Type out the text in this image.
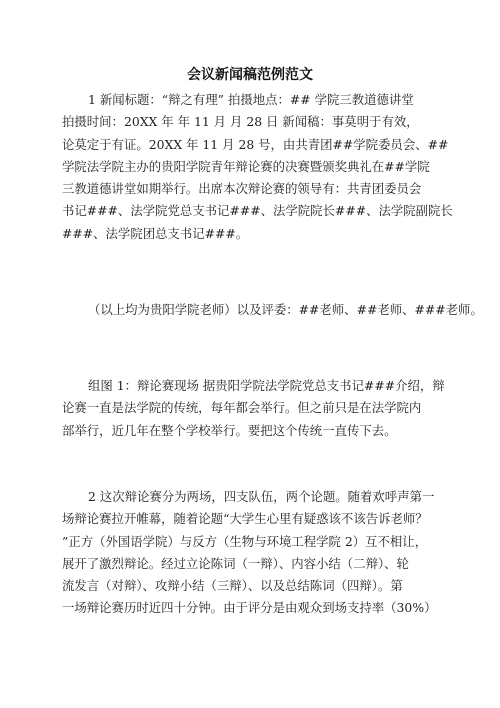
会议新闻稿范例范文
1 新闻标题：“辩之有理” 拍摄地点：## 学院三教道德讲堂
拍摄时间：20XX 年 年 11 月 月 28 日 新闻稿：事莫明于有效，
论莫定于有证。20XX 年 11 月 28 号，由共青团##学院委员会、##
学院法学院主办的贵阳学院青年辩论赛的决赛暨颁奖典礼在##学院
三教道德讲堂如期举行。出席本次辩论赛的领导有：共青团委员会
书记###、法学院党总支书记###、法学院院长###、法学院副院长
###、法学院团总支书记###。
（以上均为贵阳学院老师）以及评委：##老师、##老师、###老师。
组图 1：辩论赛现场 据贵阳学院法学院党总支书记###介绍，辩
论赛一直是法学院的传统，每年都会举行。但之前只是在法学院内
部举行，近几年在整个学校举行。要把这个传统一直传下去。
2 这次辩论赛分为两场，四支队伍，两个论题。随着欢呼声第一
场辩论赛拉开帷幕，随着论题“大学生心里有疑惑该不该告诉老师？
”正方（外国语学院）与反方（生物与环境工程学院 2）互不相让，
展开了激烈辩论。经过立论陈词（一辩）、内容小结（二辩）、轮
流发言（对辩）、攻辩小结（三辩）、以及总结陈词（四辩）。第
一场辩论赛历时近四十分钟。由于评分是由观众到场支持率（30%）
